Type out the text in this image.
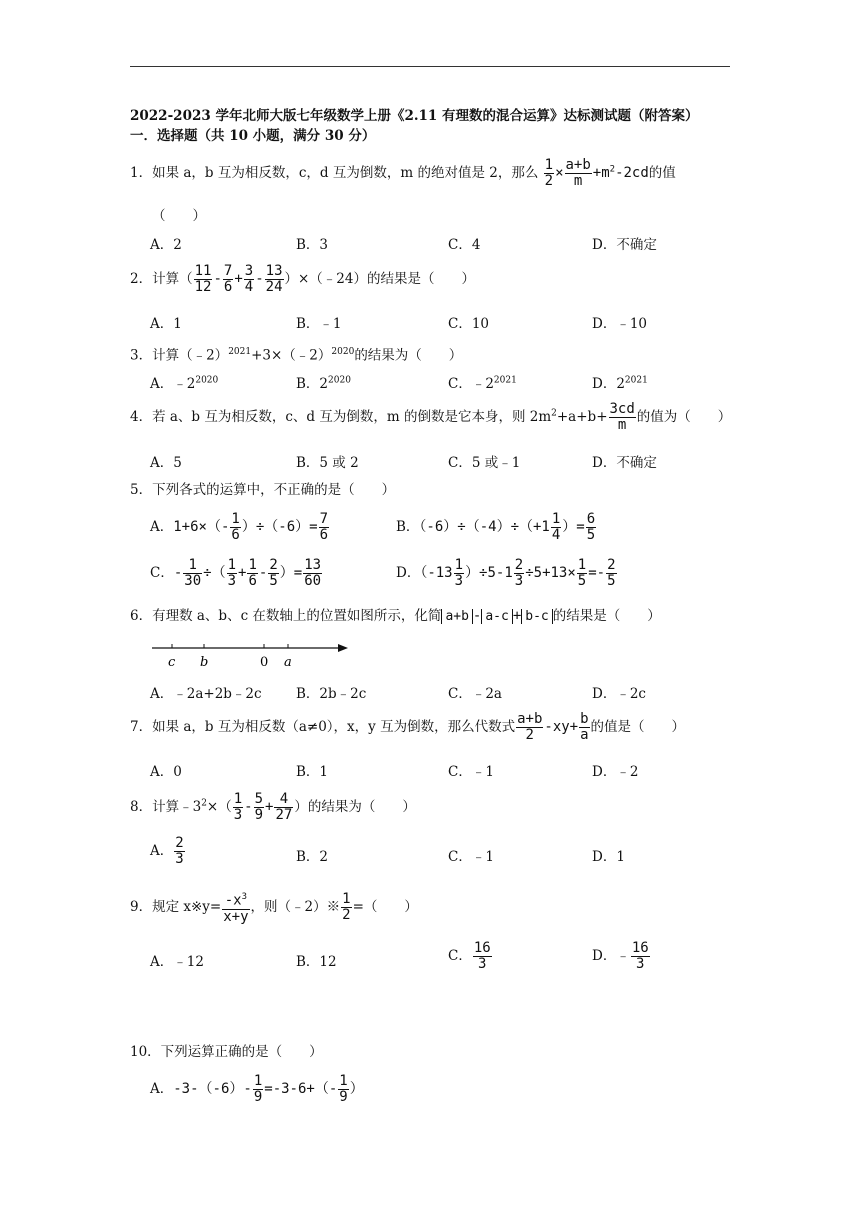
2022-2023 学年北师大版七年级数学上册《2.11 有理数的混合运算》达标测试题（附答案）
一．选择题（共 10 小题，满分 30 分）
1．如果 a，b 互为相反数，c，d 互为倒数，m 的绝对值是 2，那么 $\frac{1}{2} \times \frac{a+b}{m} +m^2-2cd$的值
（　　）
A．2	B．3	C．4	D．不确定
2．计算（ $\frac{11}{12} - \frac{7}{6} + \frac{3}{4} - \frac{13}{24}$ ）×（﹣24）的结果是（　　）
A．1	B．﹣1	C．10	D．﹣10
3．计算（﹣2）$^{2021}$+3×（﹣2）$^{2020}$的结果为（　　）
A．$﹣2^{2020}$	B．$2^{2020}$	C．$﹣2^{2021}$	D．$2^{2021}$
4．若 a、b 互为相反数，c、d 互为倒数，m 的倒数是它本身，则 $2m^2+a+b+ \frac{3cd}{m}$ 的值为（　　）
A．5	B．5 或 2	C．5 或﹣1	D．不确定
5．下列各式的运算中，不正确的是（　　）
A．$1+6\times(- \frac{1}{6} )\div(-6)= \frac{7}{6}$	B．$(-6)\div(-4)\div(+1 \frac{1}{4}$ ）= $\frac{6}{5}$
C．- $\frac{1}{30}$ ÷（ $\frac{1}{3} + \frac{1}{6} - \frac{2}{5}$ ）= $\frac{13}{60}$	D．$(-13 \frac{1}{3} )\div 5-1 \frac{2}{3} \div 5+13\times \frac{1}{5} =- \frac{2}{5}$
6．有理数 a、b、c 在数轴上的位置如图所示，化简 a+b - a-c + b-c 的结果是（　　）
c b	0 a
A．﹣2a+2b﹣2c	B．2b﹣2c	C．﹣2a	D．﹣2c
7．如果 a，b 互为相反数（a≠0），x，y 互为倒数，那么代数式 $\frac{a+b}{2} -xy+ \frac{b}{a}$ 的值是（　　）
A．0	B．1	C．﹣1	D．﹣2
8．计算$﹣3^2\times( \frac{1}{3} - \frac{5}{9} + \frac{4}{27}$ ）的结果为（　　）
A． $\frac{2}{3}$	B．2	C．﹣1	D．1
9．规定 x※y= $\frac{-x^3}{x+y}$ ，则（﹣2）※ $\frac{1}{2}$ =（　　）
A．﹣12	B．12	C． $\frac{16}{3}$	D．﹣ $\frac{16}{3}$
10．下列运算正确的是（　　）
A．$-3-(-6)- \frac{1}{9} =-3-6+(- \frac{1}{9}$ ）
